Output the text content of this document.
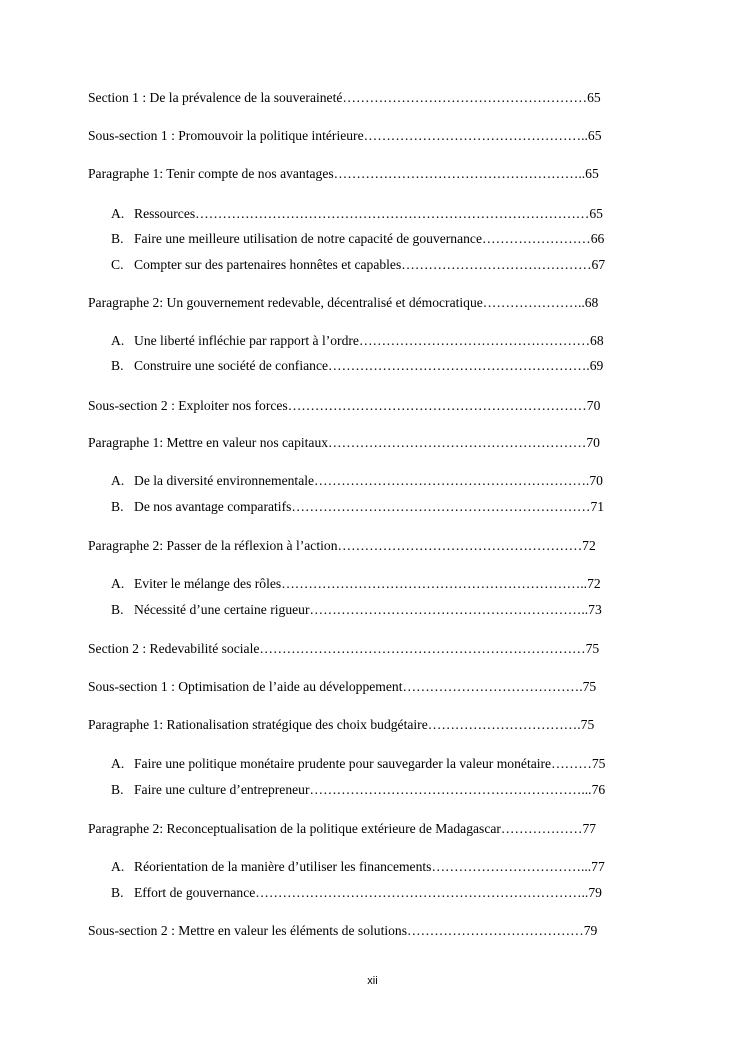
Section 1 : De la prévalence de la souveraineté………………………………………………65
Sous-section 1 : Promouvoir la politique intérieure…………………………………………..65
Paragraphe 1: Tenir compte de nos avantages………………………………………………..65
A. Ressources……………………………………………………………………………65
B. Faire une meilleure utilisation de notre capacité de gouvernance……………………66
C. Compter sur des partenaires honnêtes et capables……………………………………67
Paragraphe 2: Un gouvernement redevable, décentralisé et démocratique…………………..68
A. Une liberté infléchie par rapport à l’ordre……………………………………………68
B. Construire une société de confiance………………………………………………….69
Sous-section 2 : Exploiter nos forces…………………………………………………………70
Paragraphe 1: Mettre en valeur nos capitaux…………………………………………………70
A. De la diversité environnementale…………………………………………………….70
B. De nos avantage comparatifs…………………………………………………………71
Paragraphe 2: Passer de la réflexion à l’action………………………………………………72
A. Eviter le mélange des rôles…………………………………………………………..72
B. Nécessité d’une certaine rigueur……………………………………………………..73
Section 2 : Redevabilité sociale………………………………………………………………75
Sous-section 1 : Optimisation de l’aide au développement………………………………….75
Paragraphe 1: Rationalisation stratégique des choix budgétaire…………………………….75
A. Faire une politique monétaire prudente pour sauvegarder la valeur monétaire………75
B. Faire une culture d’entrepreneur……………………………………………………...76
Paragraphe 2: Reconceptualisation de la politique extérieure de Madagascar………………77
A. Réorientation de la manière d’utiliser les financements……………………………...77
B. Effort de gouvernance………………………………………………………………..79
Sous-section 2 : Mettre en valeur les éléments de solutions…………………………………79
xii
